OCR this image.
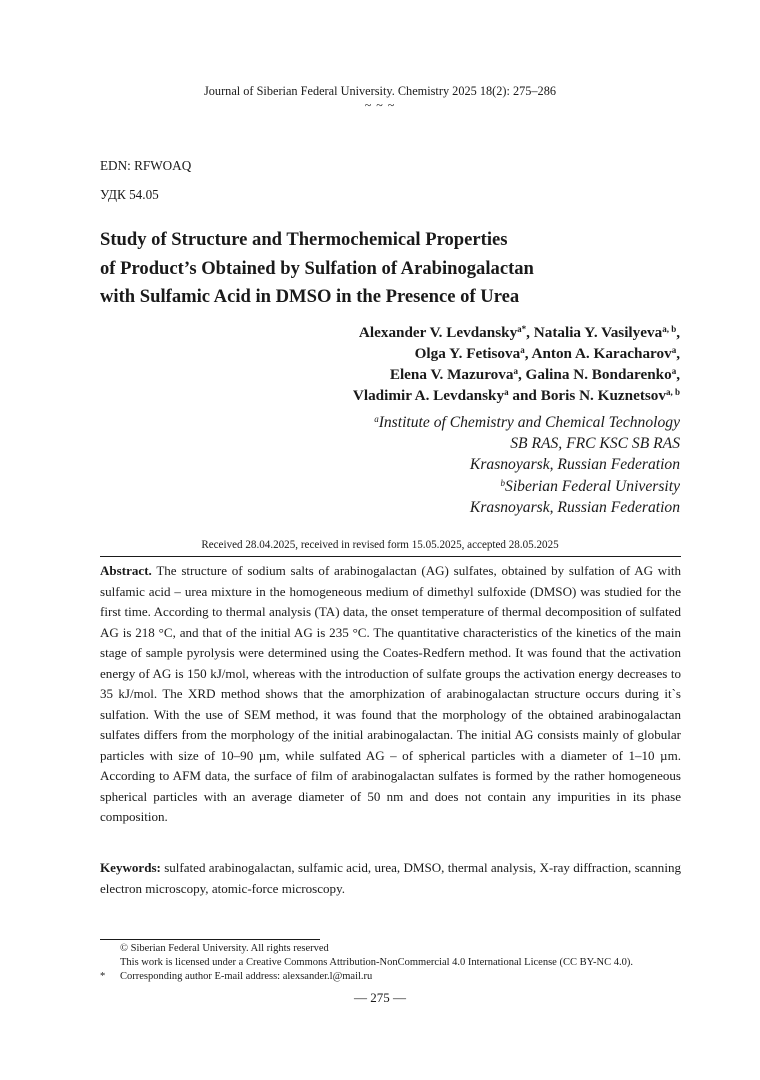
Journal of Siberian Federal University. Chemistry 2025 18(2): 275–286
~ ~ ~
EDN: RFWOAQ
УДК 54.05
Study of Structure and Thermochemical Properties
of Product’s Obtained by Sulfation of Arabinogalactan
with Sulfamic Acid in DMSO in the Presence of Urea
Alexander V. Levdansky$^{a*}$, Natalia Y. Vasilyeva$^{a, b}$,
Olga Y. Fetisova$^a$, Anton A. Karacharov$^a$,
Elena V. Mazurova$^a$, Galina N. Bondarenko$^a$,
Vladimir A. Levdansky$^a$ and Boris N. Kuznetsov$^{a, b}$
$^a$Institute of Chemistry and Chemical Technology
SB RAS, FRC KSC SB RAS
Krasnoyarsk, Russian Federation
$^b$Siberian Federal University
Krasnoyarsk, Russian Federation
Received 28.04.2025, received in revised form 15.05.2025, accepted 28.05.2025

Abstract. The structure of sodium salts of arabinogalactan (AG) sulfates, obtained by sulfation of AG with sulfamic acid – urea mixture in the homogeneous medium of dimethyl sulfoxide (DMSO) was studied for the first time. According to thermal analysis (TA) data, the onset temperature of thermal decomposition of sulfated AG is 218 °C, and that of the initial AG is 235 °C. The quantitative characteristics of the kinetics of the main stage of sample pyrolysis were determined using the Coates-Redfern method. It was found that the activation energy of AG is 150 kJ/mol, whereas with the introduction of sulfate groups the activation energy decreases to 35 kJ/mol. The XRD method shows that the amorphization of arabinogalactan structure occurs during it`s sulfation. With the use of SEM method, it was found that the morphology of the obtained arabinogalactan sulfates differs from the morphology of the initial arabinogalactan. The initial AG consists mainly of globular particles with size of 10–90 µm, while sulfated AG – of spherical particles with a diameter of 1–10 µm. According to AFM data, the surface of film of arabinogalactan sulfates is formed by the rather homogeneous spherical particles with an average diameter of 50 nm and does not contain any impurities in its phase composition.

Keywords: sulfated arabinogalactan, sulfamic acid, urea, DMSO, thermal analysis, X-ray diffraction, scanning electron microscopy, atomic-force microscopy.

© Siberian Federal University. All rights reserved
This work is licensed under a Creative Commons Attribution-NonCommercial 4.0 International License (CC BY-NC 4.0).
* Corresponding author E-mail address: alexsander.l@mail.ru
— 275 —
